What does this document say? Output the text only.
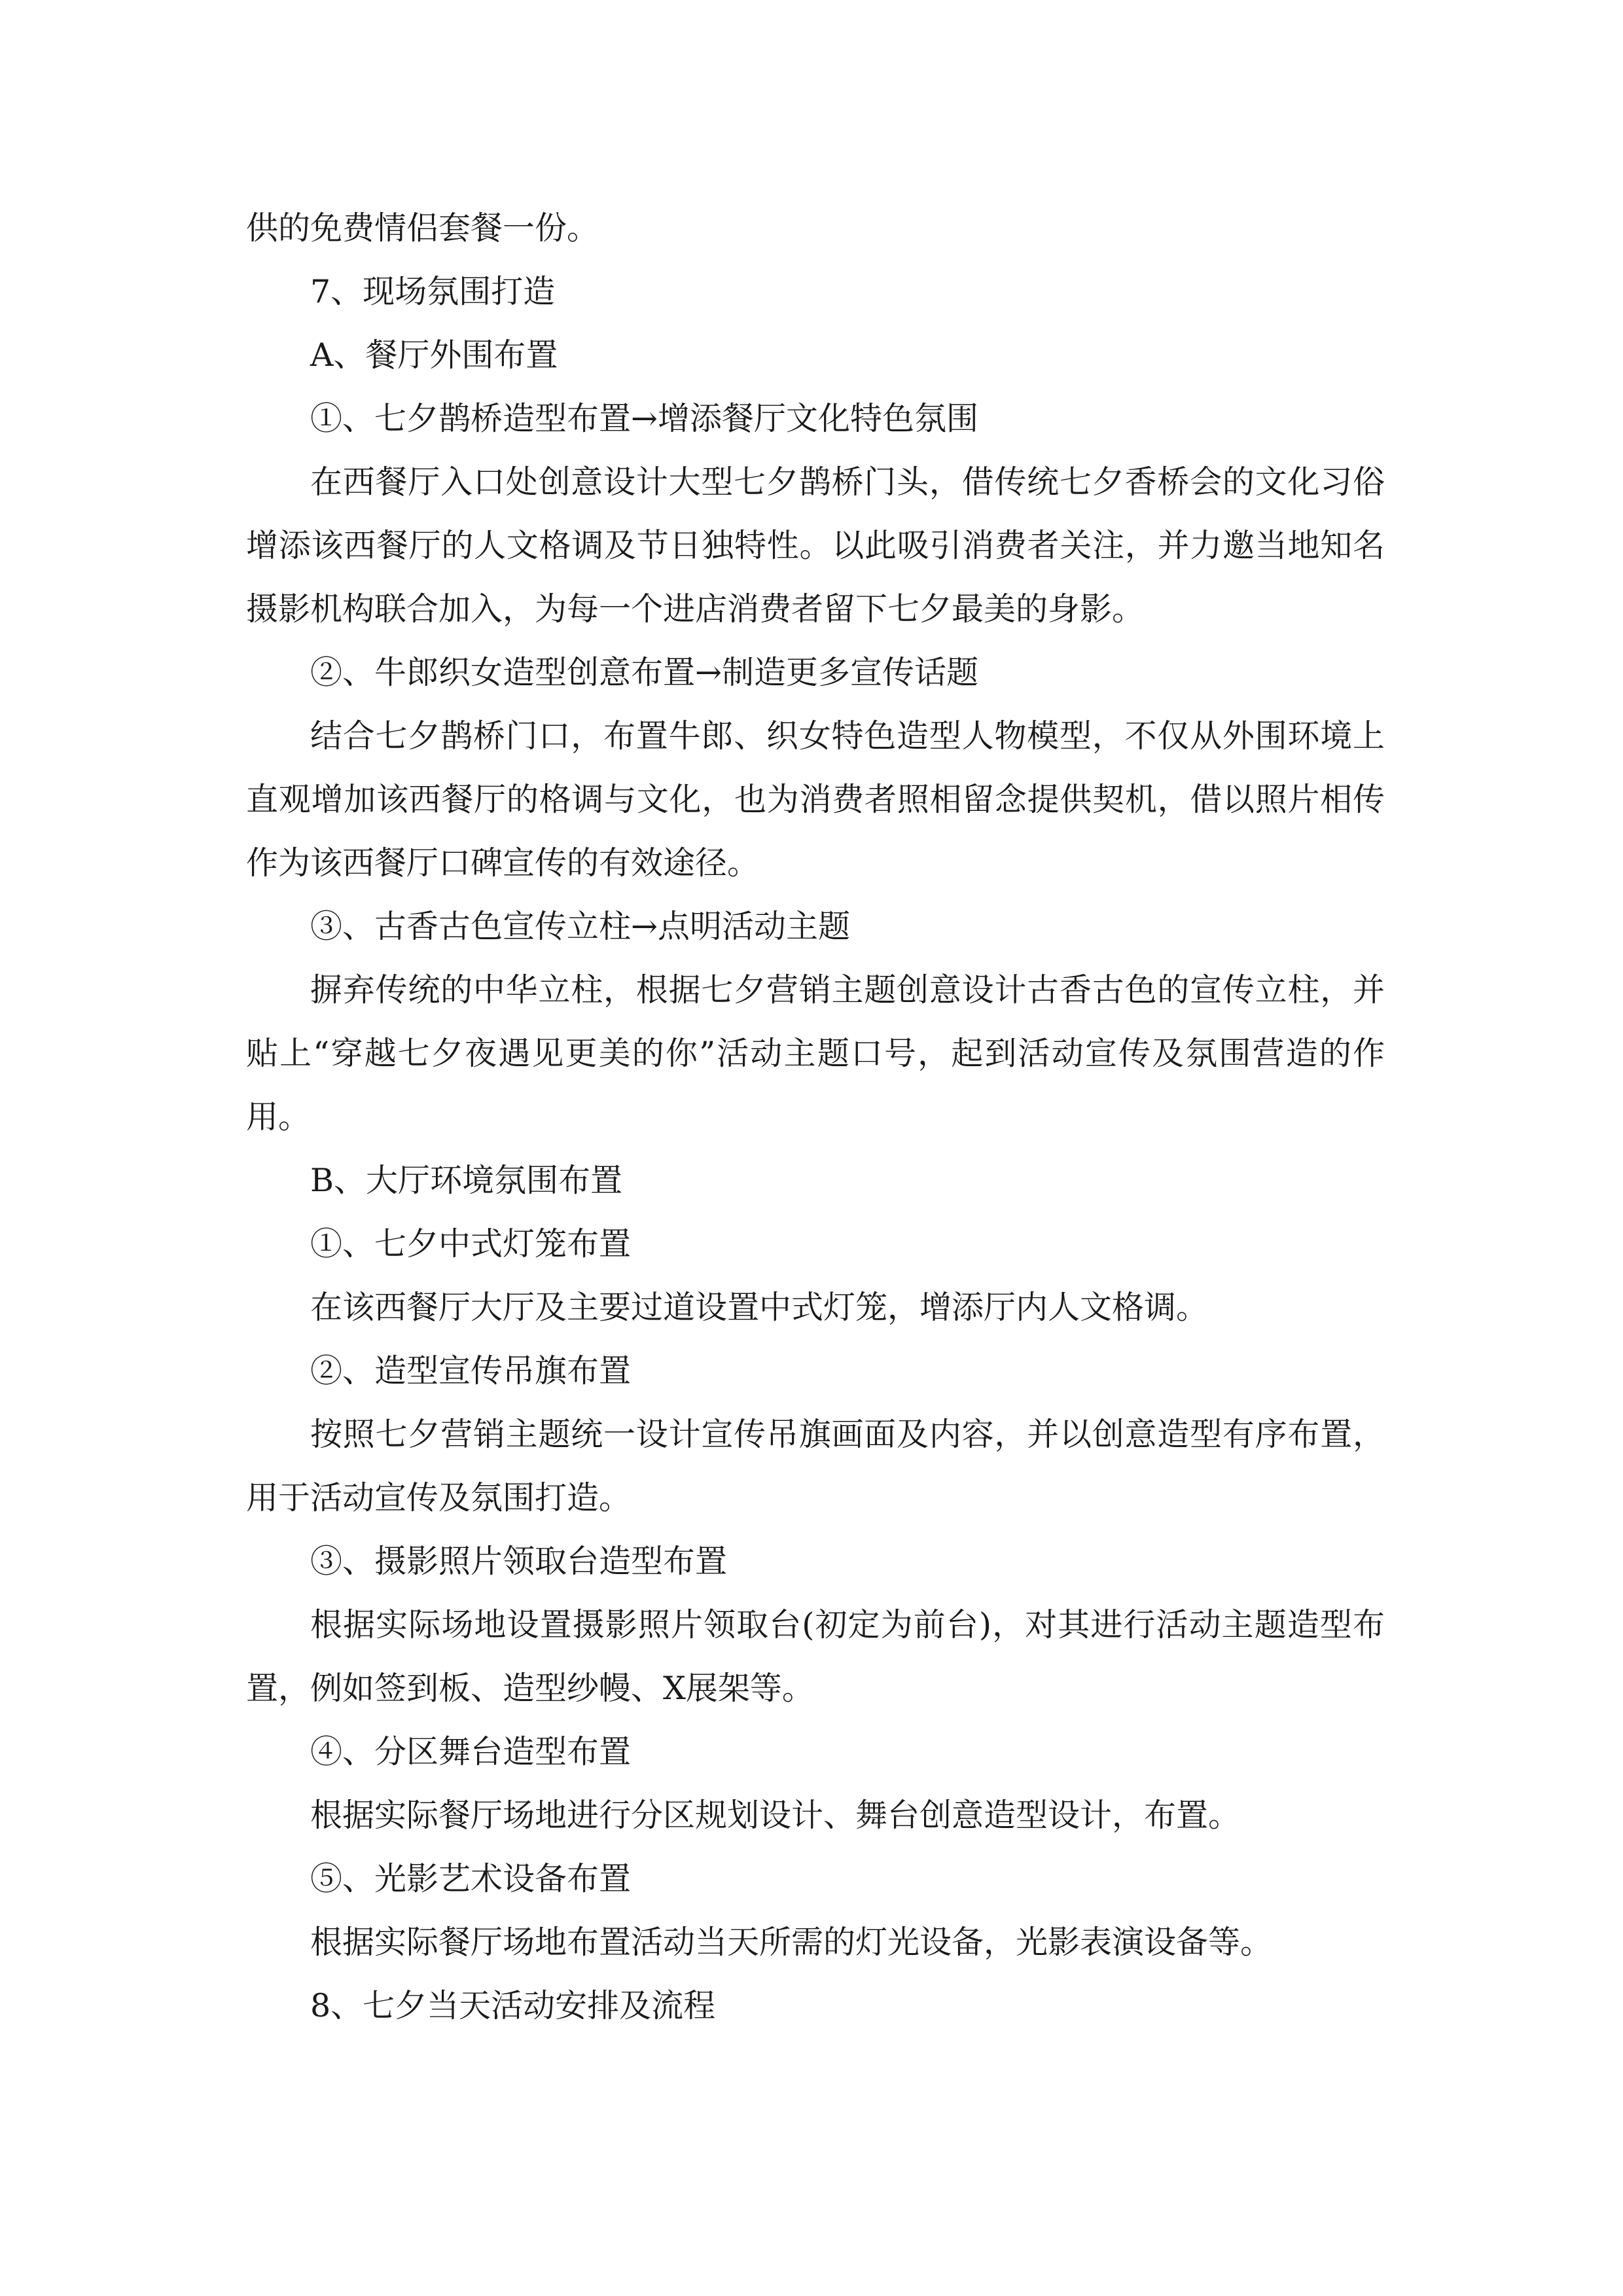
供的免费情侣套餐一份。

7、现场氛围打造

A、餐厅外围布置

①、七夕鹊桥造型布置→增添餐厅文化特色氛围

在西餐厅入口处创意设计大型七夕鹊桥门头，借传统七夕香桥会的文化习俗增添该西餐厅的人文格调及节日独特性。以此吸引消费者关注，并力邀当地知名摄影机构联合加入，为每一个进店消费者留下七夕最美的身影。

②、牛郎织女造型创意布置→制造更多宣传话题

结合七夕鹊桥门口，布置牛郎、织女特色造型人物模型，不仅从外围环境上直观增加该西餐厅的格调与文化，也为消费者照相留念提供契机，借以照片相传作为该西餐厅口碑宣传的有效途径。

③、古香古色宣传立柱→点明活动主题

摒弃传统的中华立柱，根据七夕营销主题创意设计古香古色的宣传立柱，并贴上“穿越七夕夜遇见更美的你”活动主题口号，起到活动宣传及氛围营造的作用。

B、大厅环境氛围布置

①、七夕中式灯笼布置

在该西餐厅大厅及主要过道设置中式灯笼，增添厅内人文格调。

②、造型宣传吊旗布置

按照七夕营销主题统一设计宣传吊旗画面及内容，并以创意造型有序布置，用于活动宣传及氛围打造。

③、摄影照片领取台造型布置

根据实际场地设置摄影照片领取台(初定为前台)，对其进行活动主题造型布置，例如签到板、造型纱幔、X展架等。

④、分区舞台造型布置

根据实际餐厅场地进行分区规划设计、舞台创意造型设计，布置。

⑤、光影艺术设备布置

根据实际餐厅场地布置活动当天所需的灯光设备，光影表演设备等。

8、七夕当天活动安排及流程
